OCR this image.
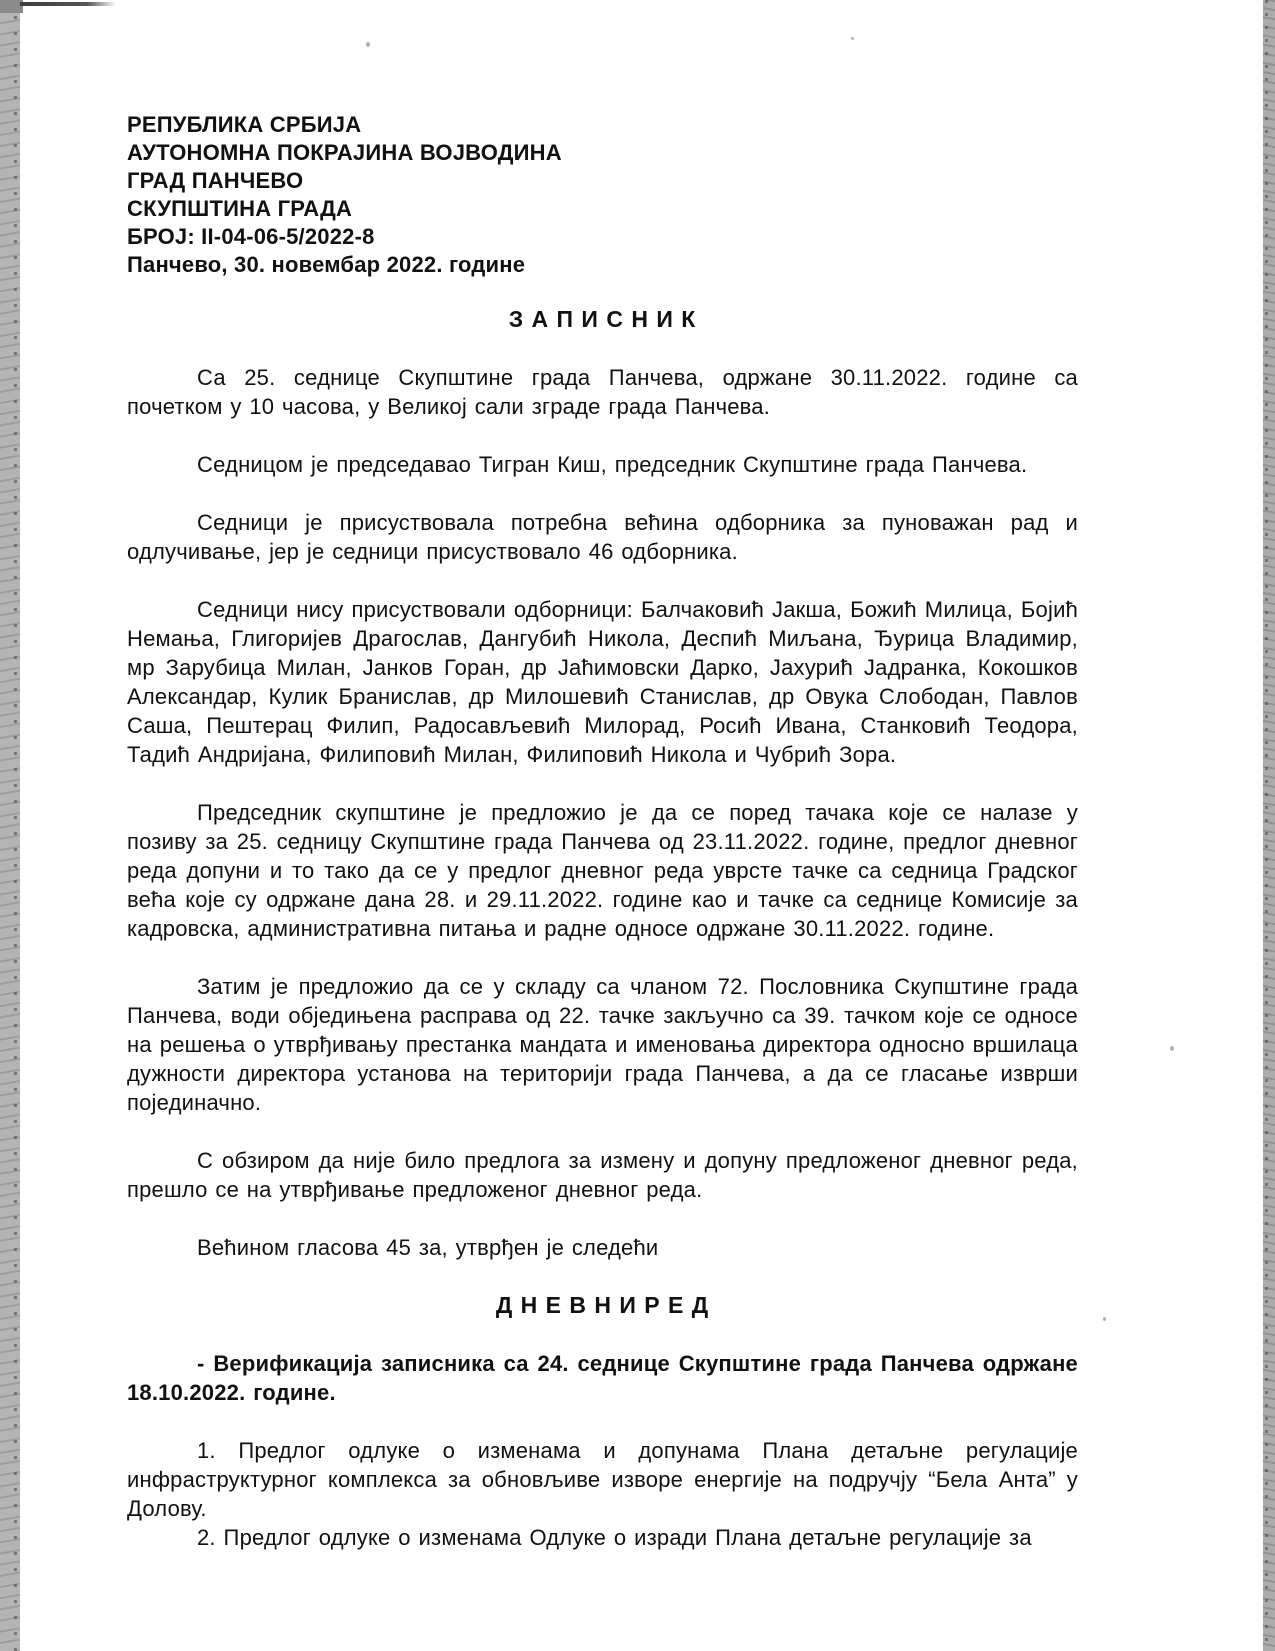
РЕПУБЛИКА СРБИЈА
АУТОНОМНА ПОКРАЈИНА ВОЈВОДИНА
ГРАД ПАНЧЕВО
СКУПШТИНА ГРАДА
БРОЈ: II-04-06-5/2022-8
Панчево, 30. новембар 2022. године
З А П И С Н И К

Са 25. седнице Скупштине града Панчева, одржане 30.11.2022. године са почетком у 10 часова, у Великој сали зграде града Панчева.

Седницом је председавао Тигран Киш, председник Скупштине града Панчева.

Седници је присуствовала потребна већина одборника за пуноважан рад и одлучивање, јер је седници присуствовало 46 одборника.

Седници нису присуствовали одборници: Балчаковић Јакша, Божић Милица, Бојић Немања, Глигоријев Драгослав, Дангубић Никола, Деспић Миљана, Ђурица Владимир, мр Зарубица Милан, Јанков Горан, др Јаћимовски Дарко, Јахурић Јадранка, Кокошков Александар, Кулик Бранислав, др Милошевић Станислав, др Овука Слободан, Павлов Саша, Пештерац Филип, Радосављевић Милорад, Росић Ивана, Станковић Теодора, Тадић Андријана, Филиповић Милан, Филиповић Никола и Чубрић Зора.

Председник скупштине је предложио је да се поред тачака које се налазе у позиву за 25. седницу Скупштине града Панчева од 23.11.2022. године, предлог дневног реда допуни и то тако да се у предлог дневног реда уврсте тачке са седница Градског већа које су одржане дана 28. и 29.11.2022. године као и тачке са седнице Комисије за кадровска, административна питања и радне односе одржане 30.11.2022. године.

Затим је предложио да се у складу са чланом 72. Пословника Скупштине града Панчева, води обједињена расправа од 22. тачке закључно са 39. тачком које се односе на решења о утврђивању престанка мандата и именовања директора односно вршилаца дужности директора установа на територији града Панчева, а да се гласање изврши појединачно.

С обзиром да није било предлога за измену и допуну предложеног дневног реда, прешло се на утврђивање предложеног дневног реда.

Већином гласова 45 за, утврђен је следећи

Д Н Е В Н И Р Е Д

- Верификација записника са 24. седнице Скупштине града Панчева одржане 18.10.2022. године.

1. Предлог одлуке о изменама и допунама Плана детаљне регулације инфраструктурног комплекса за обновљиве изворе енергије на подручју “Бела Анта” у Долову.

2. Предлог одлуке о изменама Одлуке о изради Плана детаљне регулације за
